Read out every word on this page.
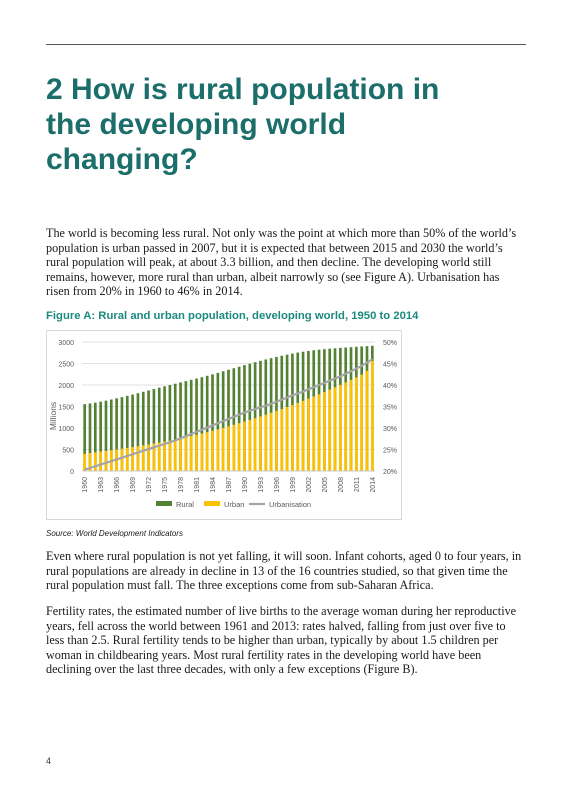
2 How is rural population in the developing world changing?

The world is becoming less rural. Not only was the point at which more than 50% of the world’s population is urban passed in 2007, but it is expected that between 2015 and 2030 the world’s rural population will peak, at about 3.3 billion, and then decline. The developing world still remains, however, more rural than urban, albeit narrowly so (see Figure A). Urbanisation has risen from 20% in 1960 to 46% in 2014.

Figure A: Rural and urban population, developing world, 1950 to 2014

0
500
1000
1500
2000
2500
3000
20%
25%
30%
35%
40%
45%
50%
Millions
1960 1963 1966 1969 1972 1975 1978 1981 1984 1987 1990 1993 1996 1999 2002 2005 2008 2011 2014
Rural	Urban	Urbanisation

Source: World Development Indicators

Even where rural population is not yet falling, it will soon. Infant cohorts, aged 0 to four years, in rural populations are already in decline in 13 of the 16 countries studied, so that given time the rural population must fall. The three exceptions come from sub-Saharan Africa.

Fertility rates, the estimated number of live births to the average woman during her reproductive years, fell across the world between 1961 and 2013: rates halved, falling from just over five to less than 2.5. Rural fertility tends to be higher than urban, typically by about 1.5 children per woman in childbearing years. Most rural fertility rates in the developing world have been declining over the last three decades, with only a few exceptions (Figure B).

4
